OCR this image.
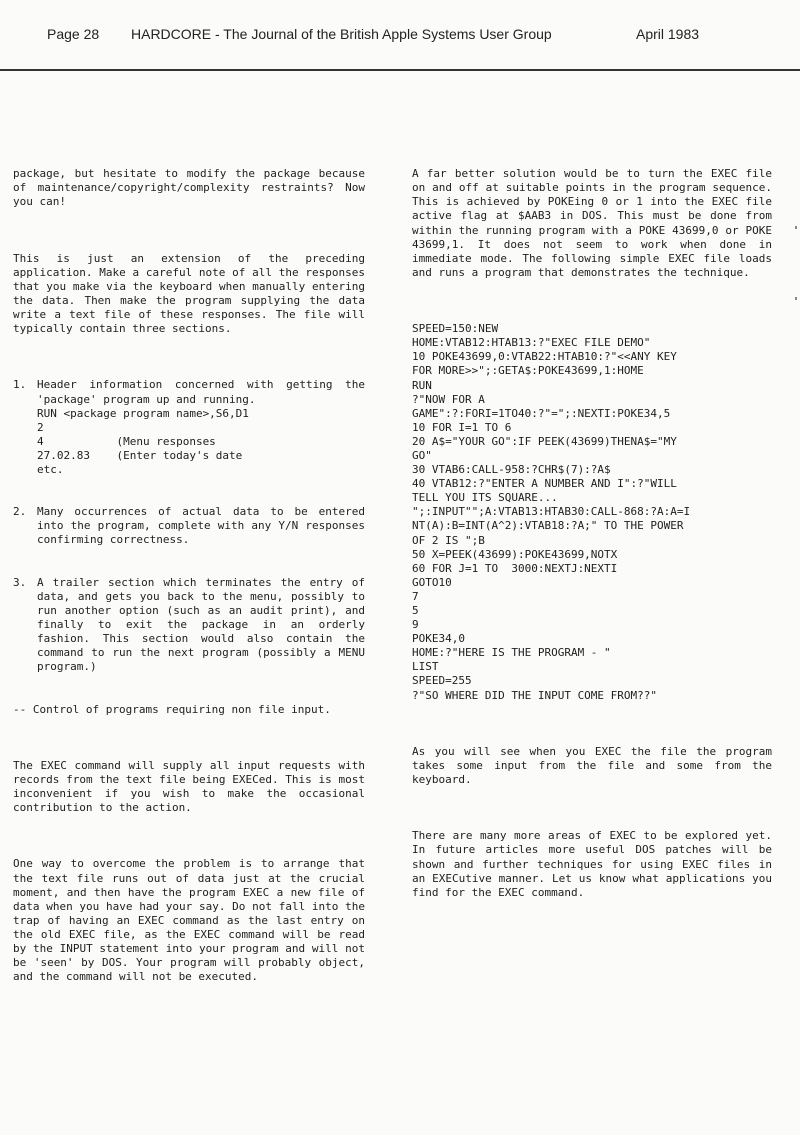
Page 28 HARDCORE - The Journal of the British Apple Systems User Group	April 1983

package, but hesitate to modify the package because of maintenance/copyright/complexity restraints? Now you can!

This is just an extension of the preceding application. Make a careful note of all the responses that you make via the keyboard when manually entering the data. Then make the program supplying the data write a text file of these responses. The file will typically contain three sections.

1. Header information concerned with getting the 'package' program up and running.
RUN <package program name>,S6,D1
2
4           (Menu responses
27.02.83    (Enter today's date
etc.

2. Many occurrences of actual data to be entered into the program, complete with any Y/N responses confirming correctness.

3. A trailer section which terminates the entry of data, and gets you back to the menu, possibly to run another option (such as an audit print), and finally to exit the package in an orderly fashion. This section would also contain the command to run the next program (possibly a MENU program.)

-- Control of programs requiring non file input.

The EXEC command will supply all input requests with records from the text file being EXECed. This is most inconvenient if you wish to make the occasional contribution to the action.

One way to overcome the problem is to arrange that the text file runs out of data just at the crucial moment, and then have the program EXEC a new file of data when you have had your say. Do not fall into the trap of having an EXEC command as the last entry on the old EXEC file, as the EXEC command will be read by the INPUT statement into your program and will not be 'seen' by DOS. Your program will probably object, and the command will not be executed.

A far better solution would be to turn the EXEC file on and off at suitable points in the program sequence. This is achieved by POKEing 0 or 1 into the EXEC file active flag at $AAB3 in DOS. This must be done from within the running program with a POKE 43699,0 or POKE 43699,1. It does not seem to work when done in immediate mode. The following simple EXEC file loads and runs a program that demonstrates the technique.

SPEED=150:NEW
HOME:VTAB12:HTAB13:?"EXEC FILE DEMO"
10 POKE43699,0:VTAB22:HTAB10:?"<<ANY KEY
FOR MORE>>";:GETA$:POKE43699,1:HOME
RUN
?"NOW FOR A
GAME":?:FORI=1TO40:?"=";:NEXTI:POKE34,5
10 FOR I=1 TO 6
20 A$="YOUR GO":IF PEEK(43699)THENA$="MY
GO"
30 VTAB6:CALL-958:?CHR$(7):?A$
40 VTAB12:?"ENTER A NUMBER AND I":?"WILL
TELL YOU ITS SQUARE...
";:INPUT"";A:VTAB13:HTAB30:CALL-868:?A:A=I
NT(A):B=INT(A^2):VTAB18:?A;" TO THE POWER
OF 2 IS ";B
50 X=PEEK(43699):POKE43699,NOTX
60 FOR J=1 TO  3000:NEXTJ:NEXTI
GOTO10
7
5
9
POKE34,0
HOME:?"HERE IS THE PROGRAM - "
LIST
SPEED=255
?"SO WHERE DID THE INPUT COME FROM??"

As you will see when you EXEC the file the program takes some input from the file and some from the keyboard.

There are many more areas of EXEC to be explored yet. In future articles more useful DOS patches will be shown and further techniques for using EXEC files in an EXECutive manner. Let us know what applications you find for the EXEC command.
